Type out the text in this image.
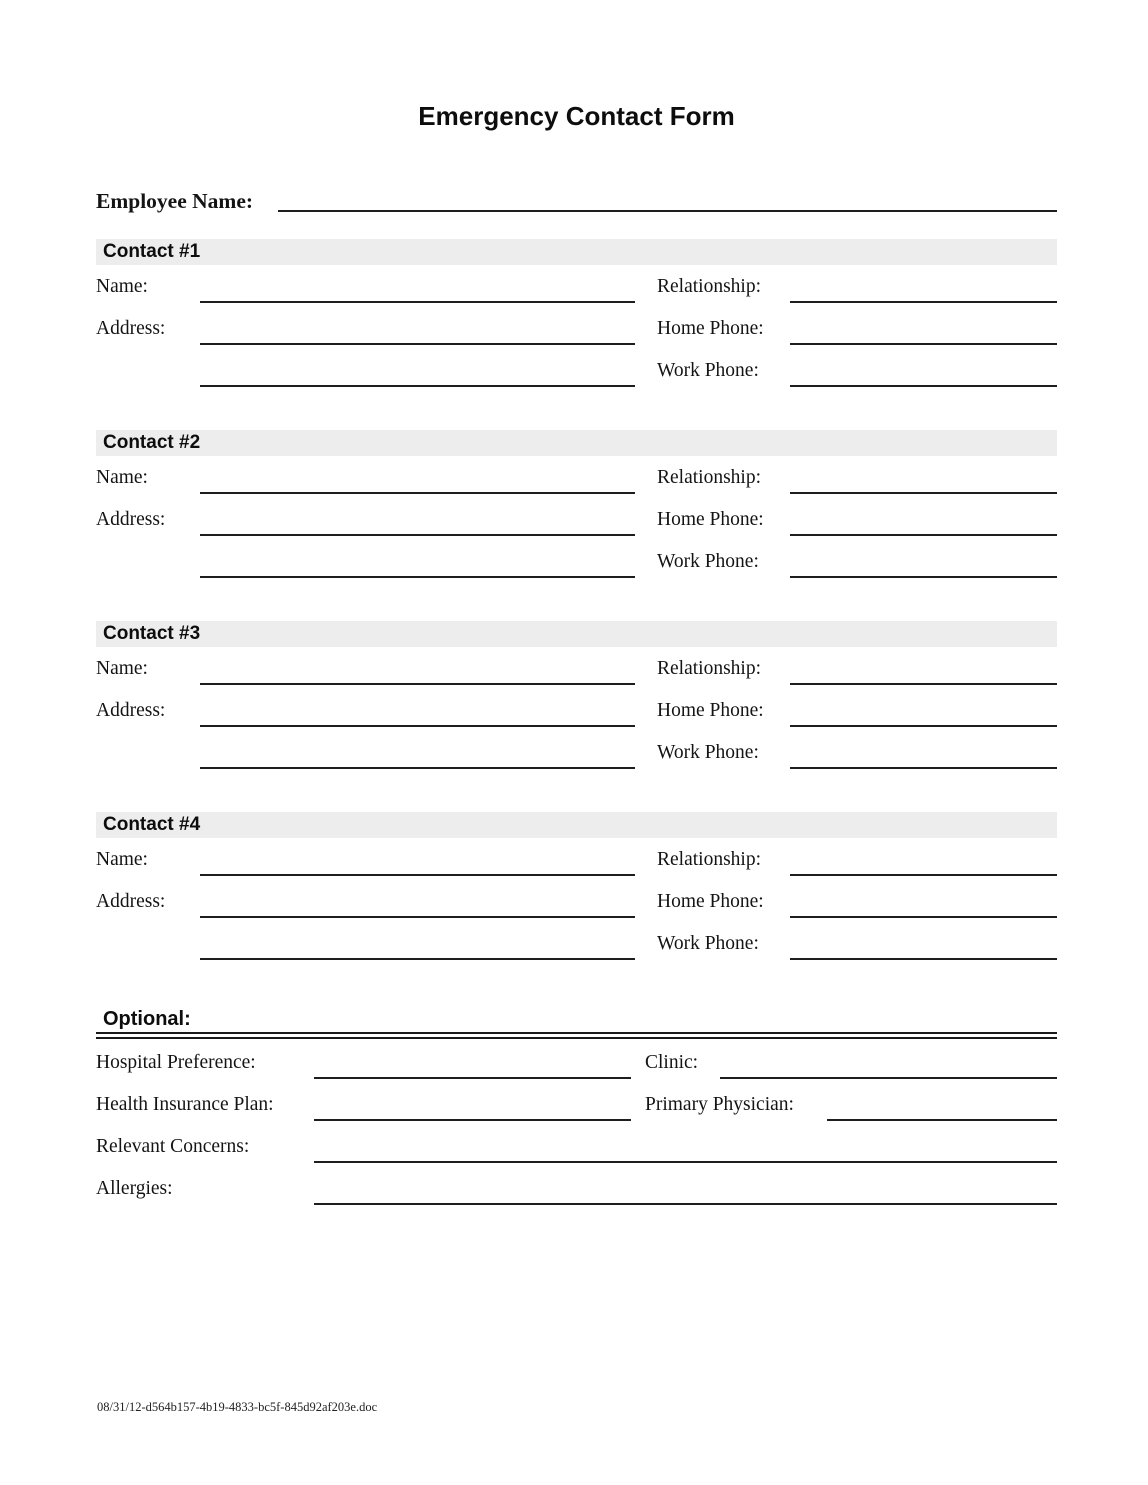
Emergency Contact Form
Employee Name:
Contact #1
Name:	Relationship:
Address:	Home Phone:
Work Phone:
Contact #2
Name:	Relationship:
Address:	Home Phone:
Work Phone:
Contact #3
Name:	Relationship:
Address:	Home Phone:
Work Phone:
Contact #4
Name:	Relationship:
Address:	Home Phone:
Work Phone:
Optional:
Hospital Preference:	Clinic:
Health Insurance Plan:	Primary Physician:
Relevant Concerns:
Allergies:
08/31/12-d564b157-4b19-4833-bc5f-845d92af203e.doc
